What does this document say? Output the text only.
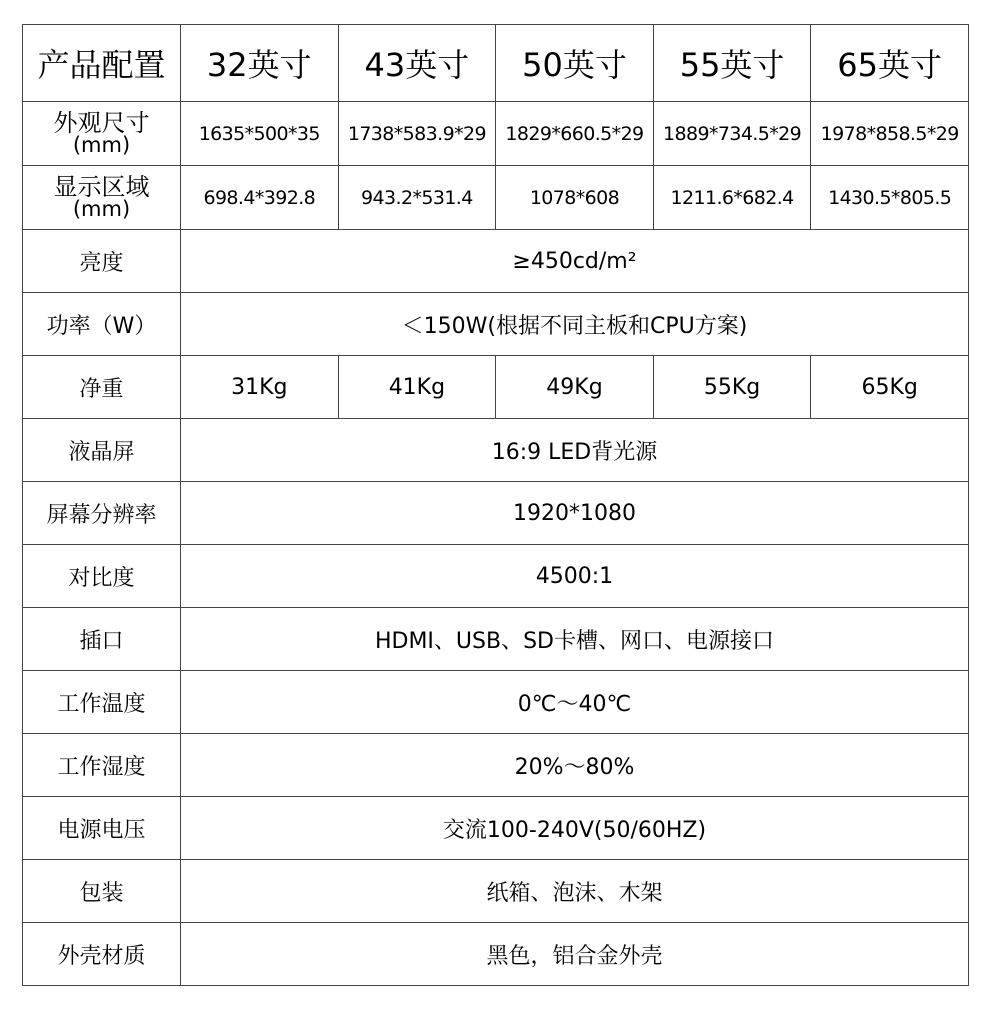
产品配置	32英寸	43英寸	50英寸	55英寸	65英寸

外观尺寸
(mm)	1635*500*35	1738*583.9*29	1829*660.5*29	1889*734.5*29	1978*858.5*29

显示区域
(mm)	698.4*392.8	943.2*531.4	1078*608	1211.6*682.4	1430.5*805.5
亮度	≥450cd/m²				
功率（W）	＜150W(根据不同主板和CPU方案)				
净重	31Kg	41Kg	49Kg	55Kg	65Kg
液晶屏	16:9 LED背光源				
屏幕分辨率	1920*1080				
对比度	4500:1				
插口	HDMI、USB、SD卡槽、网口、电源接口				
工作温度	0℃～40℃				
工作湿度	20%～80%				
电源电压	交流100-240V(50/60HZ)				
包装	纸箱、泡沫、木架				
外壳材质	黑色，铝合金外壳				
